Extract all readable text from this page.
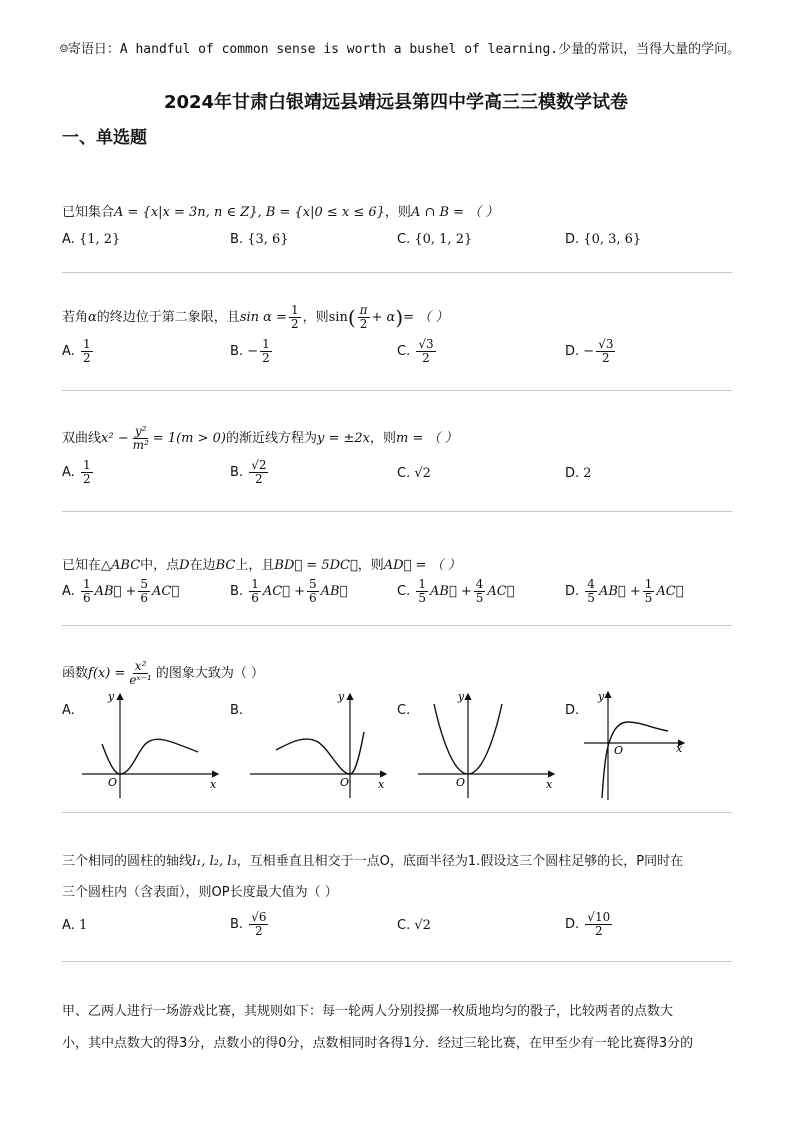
☺寄语日：A handful of common sense is worth a bushel of learning.少量的常识，当得大量的学问。
2024年甘肃白银靖远县靖远县第四中学高三三模数学试卷
一、单选题
已知集合A = {x|x = 3n, n ∈ Z}, B = {x|0 ≤ x ≤ 6}，则A ∩ B = （ ）
A. {1, 2}	B. {3, 6}	C. {0, 1, 2}	D. {0, 3, 6}
若角α的终边位于第二象限，且$\sin \alpha = \frac{1}{2}$ ，则$\sin( \frac{\pi}{2} + \alpha)=$ （ ）
A. $\frac{1}{2}$	B. − $\frac{1}{2}$	C. $\frac{√3}{2}$	D. − $\frac{√3}{2}$
双曲线$x^2 - \frac{\text{y²}}{\text{m²}} = 1(m > 0)$的渐近线方程为y = ±2x，则m = （ ）
A. $\frac{1}{2}$	B. $\frac{√2}{2}$	C. √2	D. 2
已知在△ABC中，点D在边BC上，且BD⃗ = 5DC⃗，则AD⃗ = （ ）
A. $\frac{1}{6}$ AB⃗ + $\frac{5}{6}$ AC⃗	B. $\frac{1}{6}$ AC⃗ + $\frac{5}{6}$ AB⃗	C. $\frac{1}{5}$ AB⃗ + $\frac{4}{5}$ AC⃗	D. $\frac{4}{5}$ AB⃗ + $\frac{1}{5}$ AC⃗
函数$f(x) = \frac{\text{x²}}{\text{eˣ⁻¹}}$ 的图象大致为（ ）
A.	B.	C.	D.
O	x
y
O	x
y
O	x
y
O	x
y
三个相同的圆柱的轴线l₁, l₂, l₃，互相垂直且相交于一点O，底面半径为1.假设这三个圆柱足够的长，P同时在
三个圆柱内（含表面），则OP长度最大值为（ ）
A. 1	B. $\frac{√6}{2}$	C. √2	D. $\frac{√10}{2}$
甲、乙两人进行一场游戏比赛，其规则如下：每一轮两人分别投掷一枚质地均匀的骰子，比较两者的点数大
小，其中点数大的得3分，点数小的得0分，点数相同时各得1分．经过三轮比赛，在甲至少有一轮比赛得3分的
